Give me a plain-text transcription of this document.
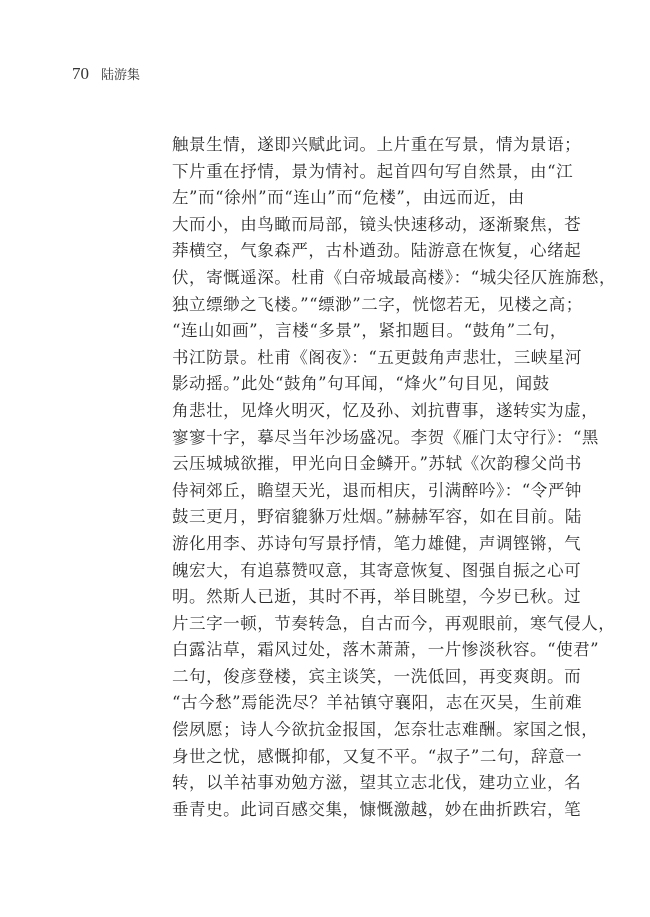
70 陆游集
触景生情，遂即兴赋此词。上片重在写景，情为景语；
下片重在抒情，景为情衬。起首四句写自然景，由“江
左”而“徐州”而“连山”而“危楼”，由远而近，由
大而小，由鸟瞰而局部，镜头快速移动，逐渐聚焦，苍
莽横空，气象森严，古朴遒劲。陆游意在恢复，心绪起
伏，寄慨遥深。杜甫《白帝城最高楼》：“城尖径仄旌旆愁，
独立缥缈之飞楼。”“缥渺”二字，恍惚若无，见楼之高；
“连山如画”，言楼“多景”，紧扣题目。“鼓角”二句，
书江防景。杜甫《阁夜》：“五更鼓角声悲壮，三峡星河
影动摇。”此处“鼓角”句耳闻，“烽火”句目见，闻鼓
角悲壮，见烽火明灭，忆及孙、刘抗曹事，遂转实为虚，
寥寥十字，摹尽当年沙场盛况。李贺《雁门太守行》：“黑
云压城城欲摧，甲光向日金鳞开。”苏轼《次韵穆父尚书
侍祠郊丘，瞻望天光，退而相庆，引满醉吟》：“令严钟
鼓三更月，野宿貔貅万灶烟。”赫赫军容，如在目前。陆
游化用李、苏诗句写景抒情，笔力雄健，声调铿锵，气
魄宏大，有追慕赞叹意，其寄意恢复、图强自振之心可
明。然斯人已逝，其时不再，举目眺望，今岁已秋。过
片三字一顿，节奏转急，自古而今，再观眼前，寒气侵人，
白露沾草，霜风过处，落木萧萧，一片惨淡秋容。“使君”
二句，俊彦登楼，宾主谈笑，一洗低回，再变爽朗。而
“古今愁”焉能洗尽？羊祜镇守襄阳，志在灭吴，生前难
偿夙愿；诗人今欲抗金报国，怎奈壮志难酬。家国之恨，
身世之忧，感慨抑郁，又复不平。“叔子”二句，辞意一
转，以羊祜事劝勉方滋，望其立志北伐，建功立业，名
垂青史。此词百感交集，慷慨激越，妙在曲折跌宕，笔
